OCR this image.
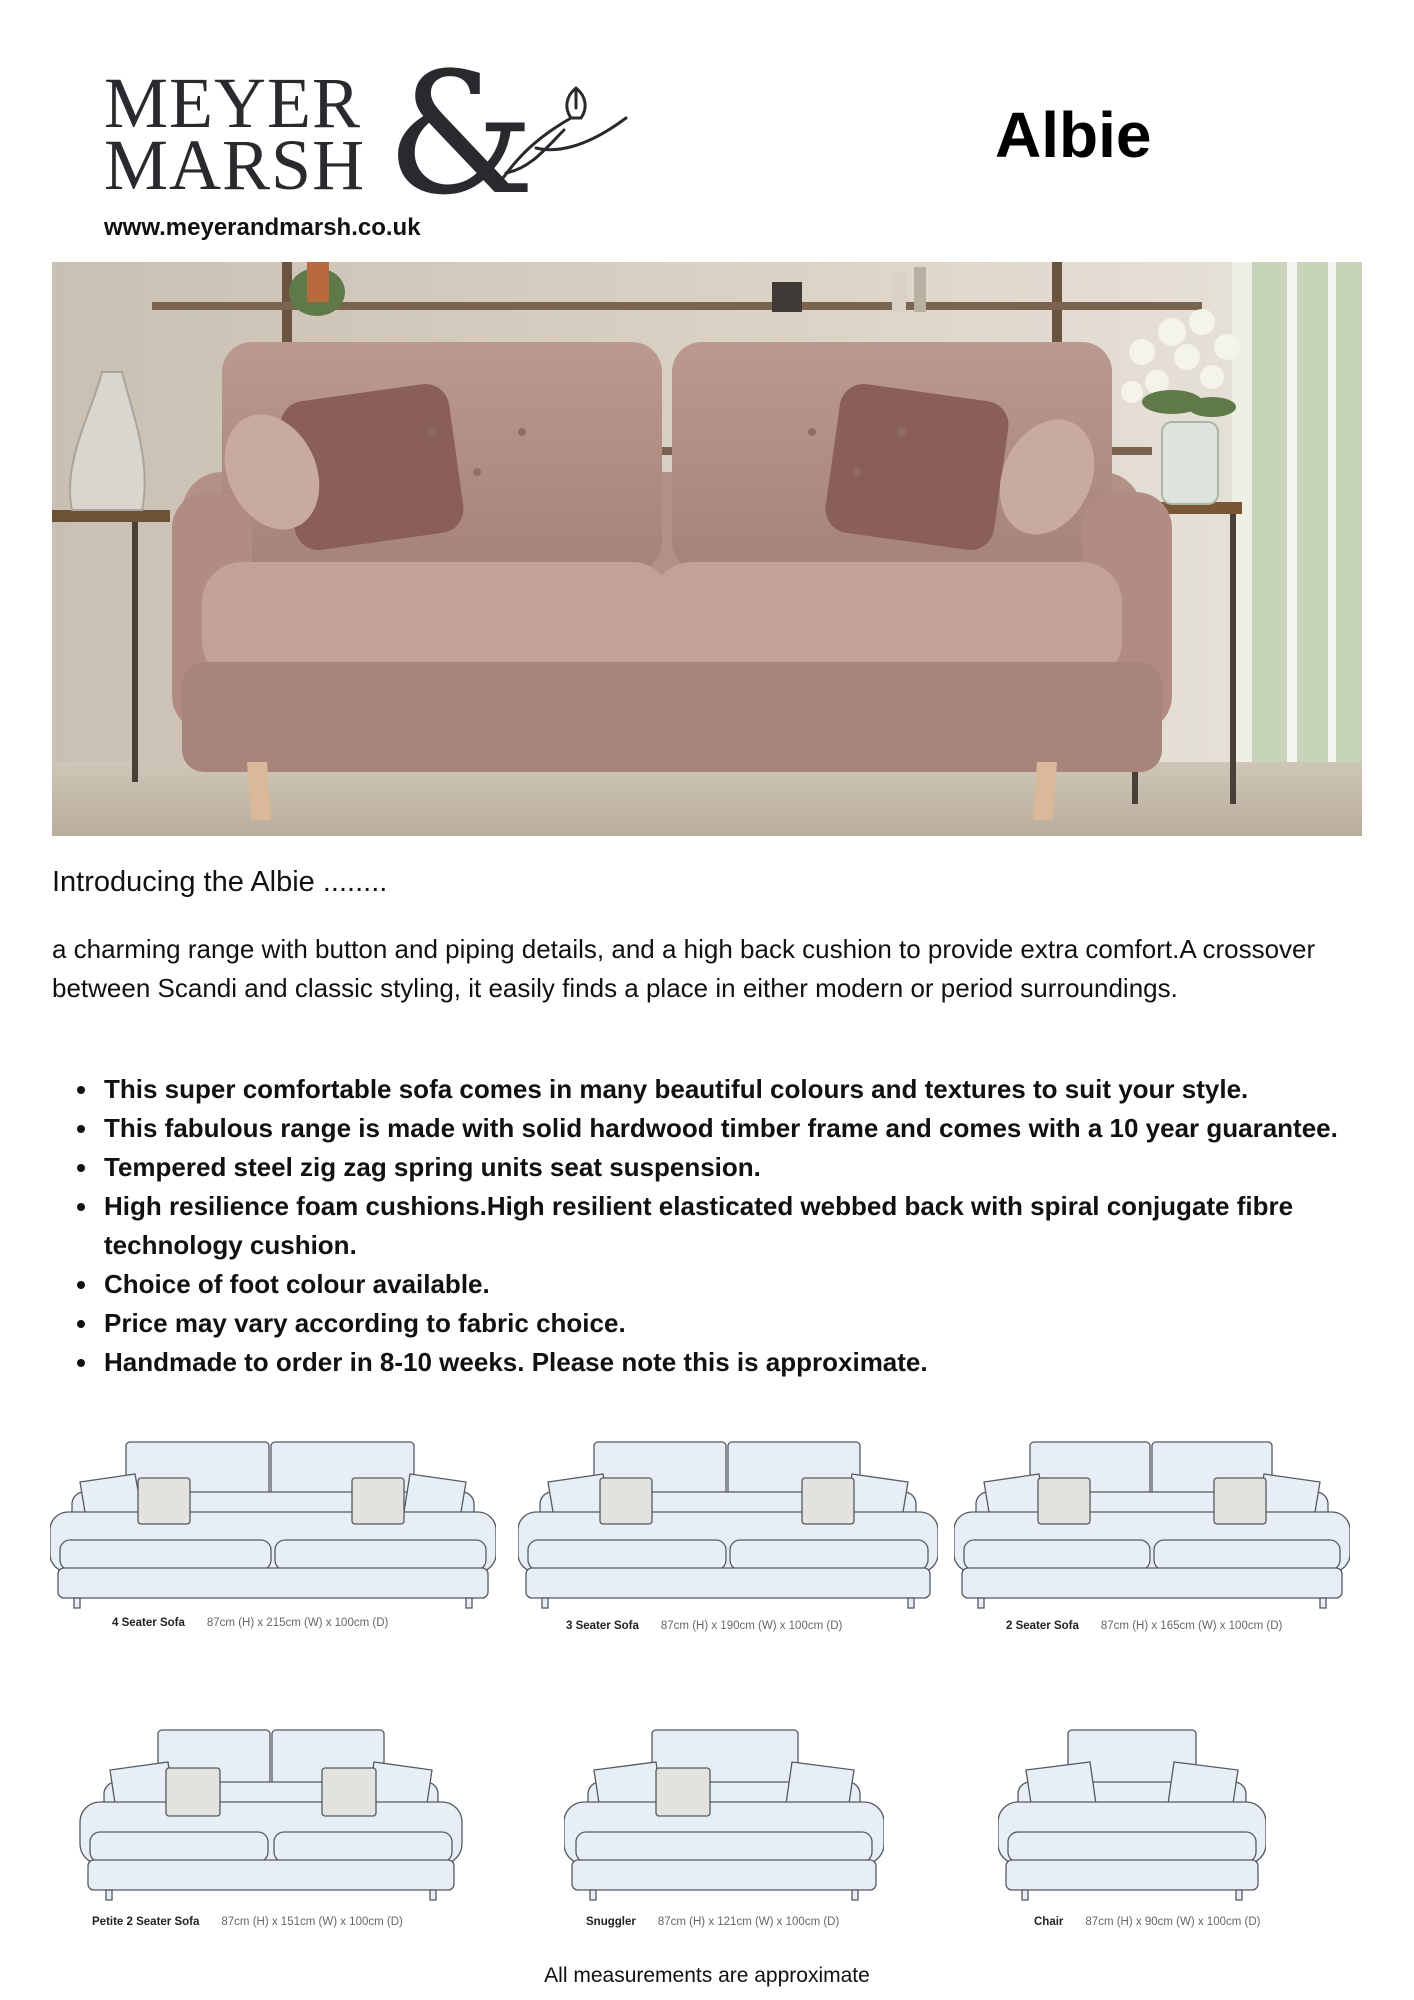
MEYER
MARSH &
www.meyerandmarsh.co.uk
Albie
Introducing the Albie ........
a charming range with button and piping details, and a high back cushion to provide extra comfort.A crossover between Scandi and classic styling, it easily finds a place in either modern or period surroundings.
• This super comfortable sofa comes in many beautiful colours and textures to suit your style.
• This fabulous range is made with solid hardwood timber frame and comes with a 10 year guarantee.
• Tempered steel zig zag spring units seat suspension.
• High resilience foam cushions.High resilient elasticated webbed back with spiral conjugate fibre technology cushion.
• Choice of foot colour available.
• Price may vary according to fabric choice.
• Handmade to order in 8-10 weeks. Please note this is approximate.
4 Seater Sofa 87cm (H) x 215cm (W) x 100cm (D)	3 Seater Sofa 87cm (H) x 190cm (W) x 100cm (D)	2 Seater Sofa 87cm (H) x 165cm (W) x 100cm (D)
Petite 2 Seater Sofa 87cm (H) x 151cm (W) x 100cm (D)	Snuggler 87cm (H) x 121cm (W) x 100cm (D)	Chair 87cm (H) x 90cm (W) x 100cm (D)
All measurements are approximate
